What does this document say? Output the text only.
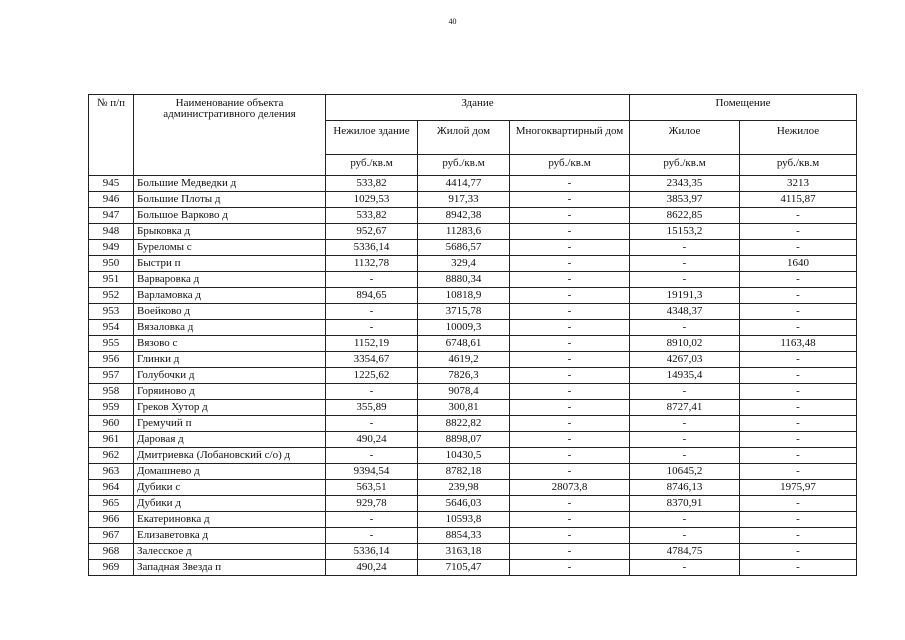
40
№ п/п	Наименование объекта административного деления	Здание			Помещение	
		Нежилое здание	Жилой дом	Многоквартирный дом	Жилое	Нежилое
		руб./кв.м	руб./кв.м	руб./кв.м	руб./кв.м	руб./кв.м
945	Большие Медведки д	533,82	4414,77	-	2343,35	3213
946	Большие Плоты д	1029,53	917,33	-	3853,97	4115,87
947	Большое Варково д	533,82	8942,38	-	8622,85	-
948	Брыковка д	952,67	11283,6	-	15153,2	-
949	Буреломы с	5336,14	5686,57	-	-	-
950	Быстри п	1132,78	329,4	-	-	1640
951	Варваровка д	-	8880,34	-	-	-
952	Варламовка д	894,65	10818,9	-	19191,3	-
953	Воейково д	-	3715,78	-	4348,37	-
954	Вязаловка д	-	10009,3	-	-	-
955	Вязово с	1152,19	6748,61	-	8910,02	1163,48
956	Глинки д	3354,67	4619,2	-	4267,03	-
957	Голубочки д	1225,62	7826,3	-	14935,4	-
958	Горяиново д	-	9078,4	-	-	-
959	Греков Хутор д	355,89	300,81	-	8727,41	-
960	Гремучий п	-	8822,82	-	-	-
961	Даровая д	490,24	8898,07	-	-	-
962	Дмитриевка (Лобановский с/о) д	-	10430,5	-	-	-
963	Домашнево д	9394,54	8782,18	-	10645,2	-
964	Дубики с	563,51	239,98	28073,8	8746,13	1975,97
965	Дубики д	929,78	5646,03	-	8370,91	-
966	Екатериновка д	-	10593,8	-	-	-
967	Елизаветовка д	-	8854,33	-	-	-
968	Залесское д	5336,14	3163,18	-	4784,75	-
969	Западная Звезда п	490,24	7105,47	-	-	-
